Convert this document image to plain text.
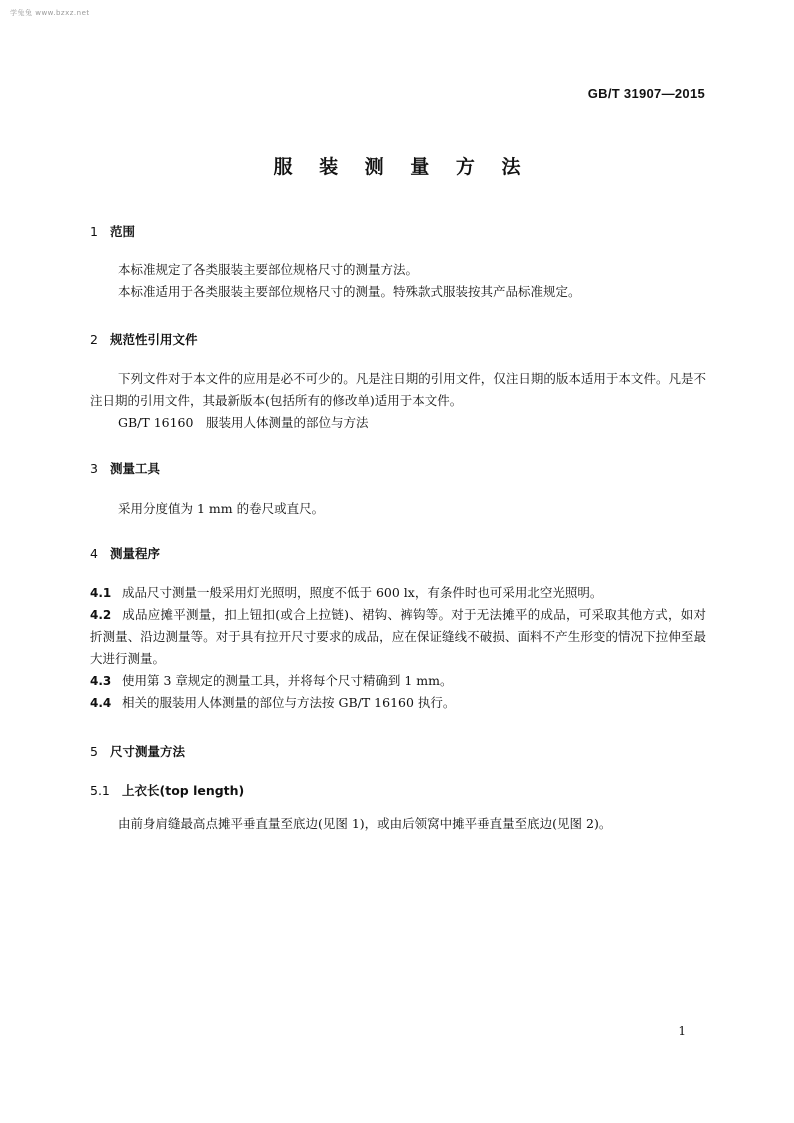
学兔兔 www.bzxz.net
GB/T 31907—2015
服 装 测 量 方 法
1 范围

本标准规定了各类服装主要部位规格尺寸的测量方法。

本标准适用于各类服装主要部位规格尺寸的测量。特殊款式服装按其产品标准规定。

2 规范性引用文件

下列文件对于本文件的应用是必不可少的。凡是注日期的引用文件，仅注日期的版本适用于本文件。凡是不注日期的引用文件，其最新版本(包括所有的修改单)适用于本文件。

GB/T 16160　服装用人体测量的部位与方法

3 测量工具

采用分度值为 1 mm 的卷尺或直尺。

4 测量程序

4.1 成品尺寸测量一般采用灯光照明，照度不低于 600 lx，有条件时也可采用北空光照明。

4.2 成品应摊平测量，扣上钮扣(或合上拉链)、裙钩、裤钩等。对于无法摊平的成品，可采取其他方式，如对折测量、沿边测量等。对于具有拉开尺寸要求的成品，应在保证缝线不破损、面料不产生形变的情况下拉伸至最大进行测量。

4.3 使用第 3 章规定的测量工具，并将每个尺寸精确到 1 mm。

4.4 相关的服装用人体测量的部位与方法按 GB/T 16160 执行。

5 尺寸测量方法
5.1 上衣长(top length)

由前身肩缝最高点摊平垂直量至底边(见图 1)，或由后领窝中摊平垂直量至底边(见图 2)。

1
